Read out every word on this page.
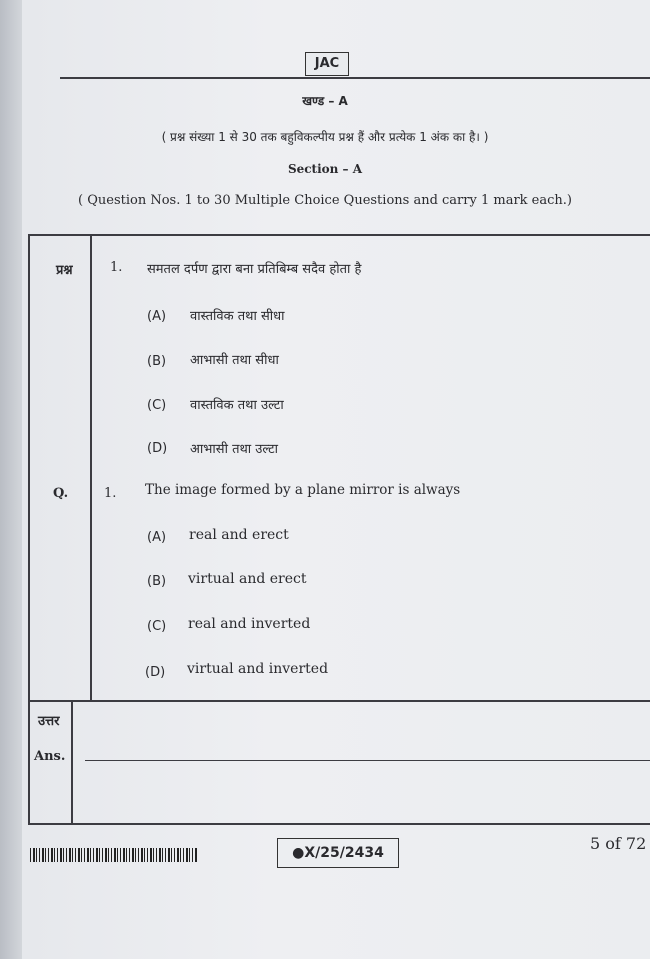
JAC
खण्ड – A
( प्रश्न संख्या 1 से 30 तक बहुविकल्पीय प्रश्न हैं और प्रत्येक 1 अंक का है। )
Section – A
( Question Nos. 1 to 30 Multiple Choice Questions and carry 1 mark each.)
प्रश्न	1. समतल दर्पण द्वारा बना प्रतिबिम्ब सदैव होता है
(A) वास्तविक तथा सीधा
(B) आभासी तथा सीधा
(C) वास्तविक तथा उल्टा
(D) आभासी तथा उल्टा
Q.	1. The image formed by a plane mirror is always
(A) real and erect
(B) virtual and erect
(C) real and inverted
(D) virtual and inverted
उत्तर
Ans.
●X/25/2434	5 of 72
